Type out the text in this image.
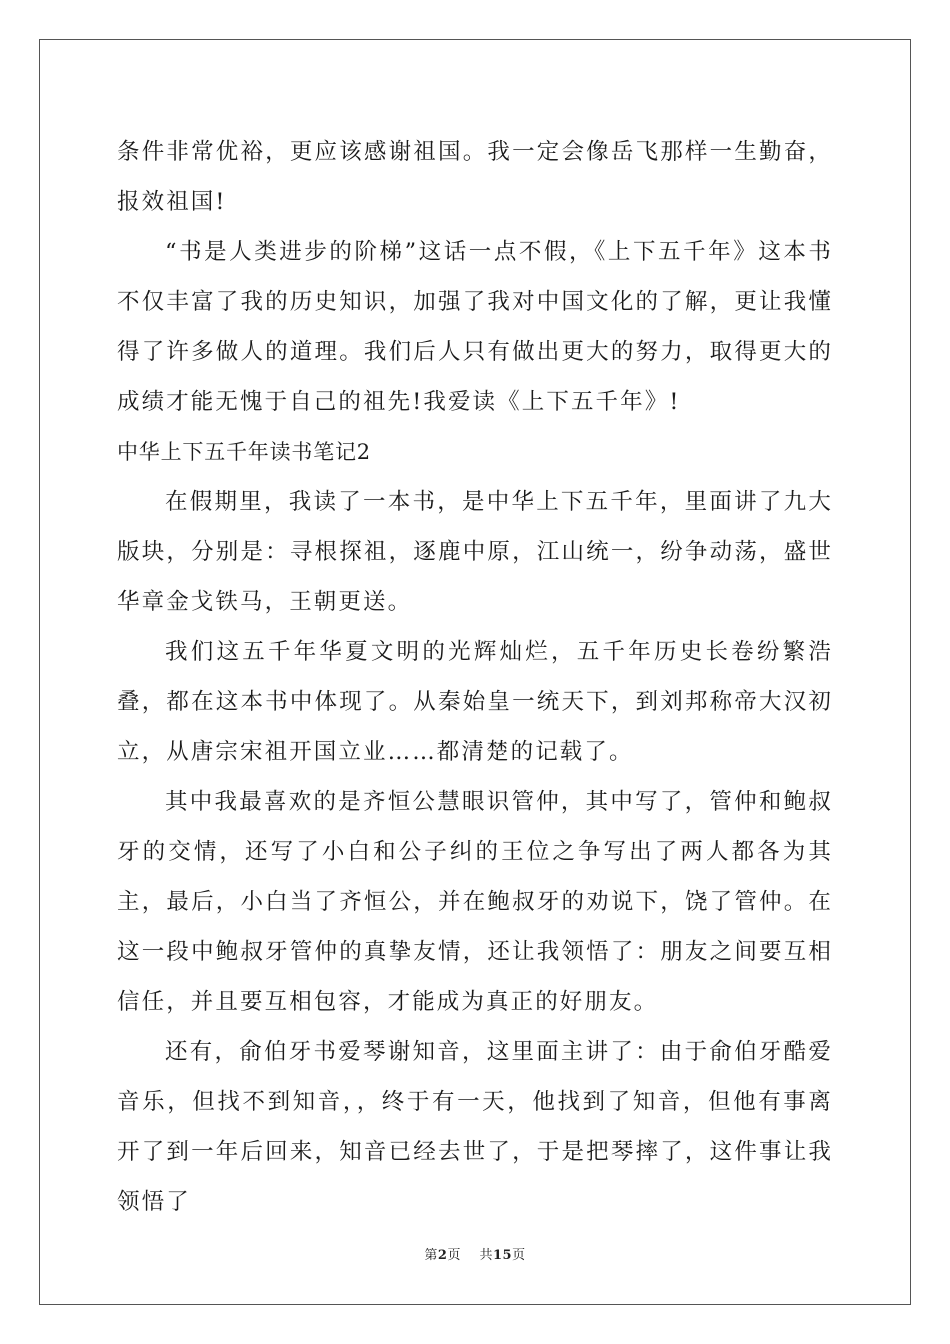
条件非常优裕，更应该感谢祖国。我一定会像岳飞那样一生勤奋，报效祖国!

“书是人类进步的阶梯”这话一点不假，《上下五千年》这本书不仅丰富了我的历史知识，加强了我对中国文化的了解，更让我懂得了许多做人的道理。我们后人只有做出更大的努力，取得更大的成绩才能无愧于自己的祖先!我爱读《上下五千年》!

中华上下五千年读书笔记2

在假期里，我读了一本书，是中华上下五千年，里面讲了九大版块，分别是：寻根探祖，逐鹿中原，江山统一，纷争动荡，盛世华章金戈铁马，王朝更送。

我们这五千年华夏文明的光辉灿烂，五千年历史长卷纷繁浩叠，都在这本书中体现了。从秦始皇一统天下，到刘邦称帝大汉初立，从唐宗宋祖开国立业……都清楚的记载了。

其中我最喜欢的是齐恒公慧眼识管仲，其中写了，管仲和鲍叔牙的交情，还写了小白和公子纠的王位之争写出了两人都各为其主，最后，小白当了齐恒公，并在鲍叔牙的劝说下，饶了管仲。在这一段中鲍叔牙管仲的真挚友情，还让我领悟了：朋友之间要互相信任，并且要互相包容，才能成为真正的好朋友。

还有，俞伯牙书爱琴谢知音，这里面主讲了：由于俞伯牙酷爱音乐，但找不到知音，，终于有一天，他找到了知音，但他有事离开了到一年后回来，知音已经去世了，于是把琴摔了，这件事让我领悟了

第2页 共15页
